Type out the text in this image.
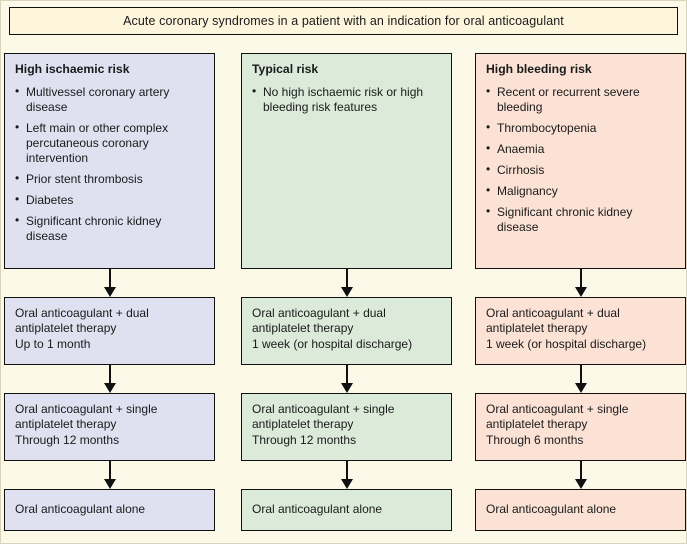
Acute coronary syndromes in a patient with an indication for oral anticoagulant
High ischaemic risk
• Multivessel coronary artery disease
• Left main or other complex percutaneous coronary intervention
• Prior stent thrombosis
• Diabetes
• Significant chronic kidney disease
Oral anticoagulant + dual antiplatelet therapy
Up to 1 month
Oral anticoagulant + single antiplatelet therapy
Through 12 months
Oral anticoagulant alone
Typical risk
• No high ischaemic risk or high bleeding risk features
Oral anticoagulant + dual antiplatelet therapy
1 week (or hospital discharge)
Oral anticoagulant + single antiplatelet therapy
Through 12 months
Oral anticoagulant alone
High bleeding risk
• Recent or recurrent severe bleeding
• Thrombocytopenia
• Anaemia
• Cirrhosis
• Malignancy
• Significant chronic kidney disease
Oral anticoagulant + dual antiplatelet therapy
1 week (or hospital discharge)
Oral anticoagulant + single antiplatelet therapy
Through 6 months
Oral anticoagulant alone
